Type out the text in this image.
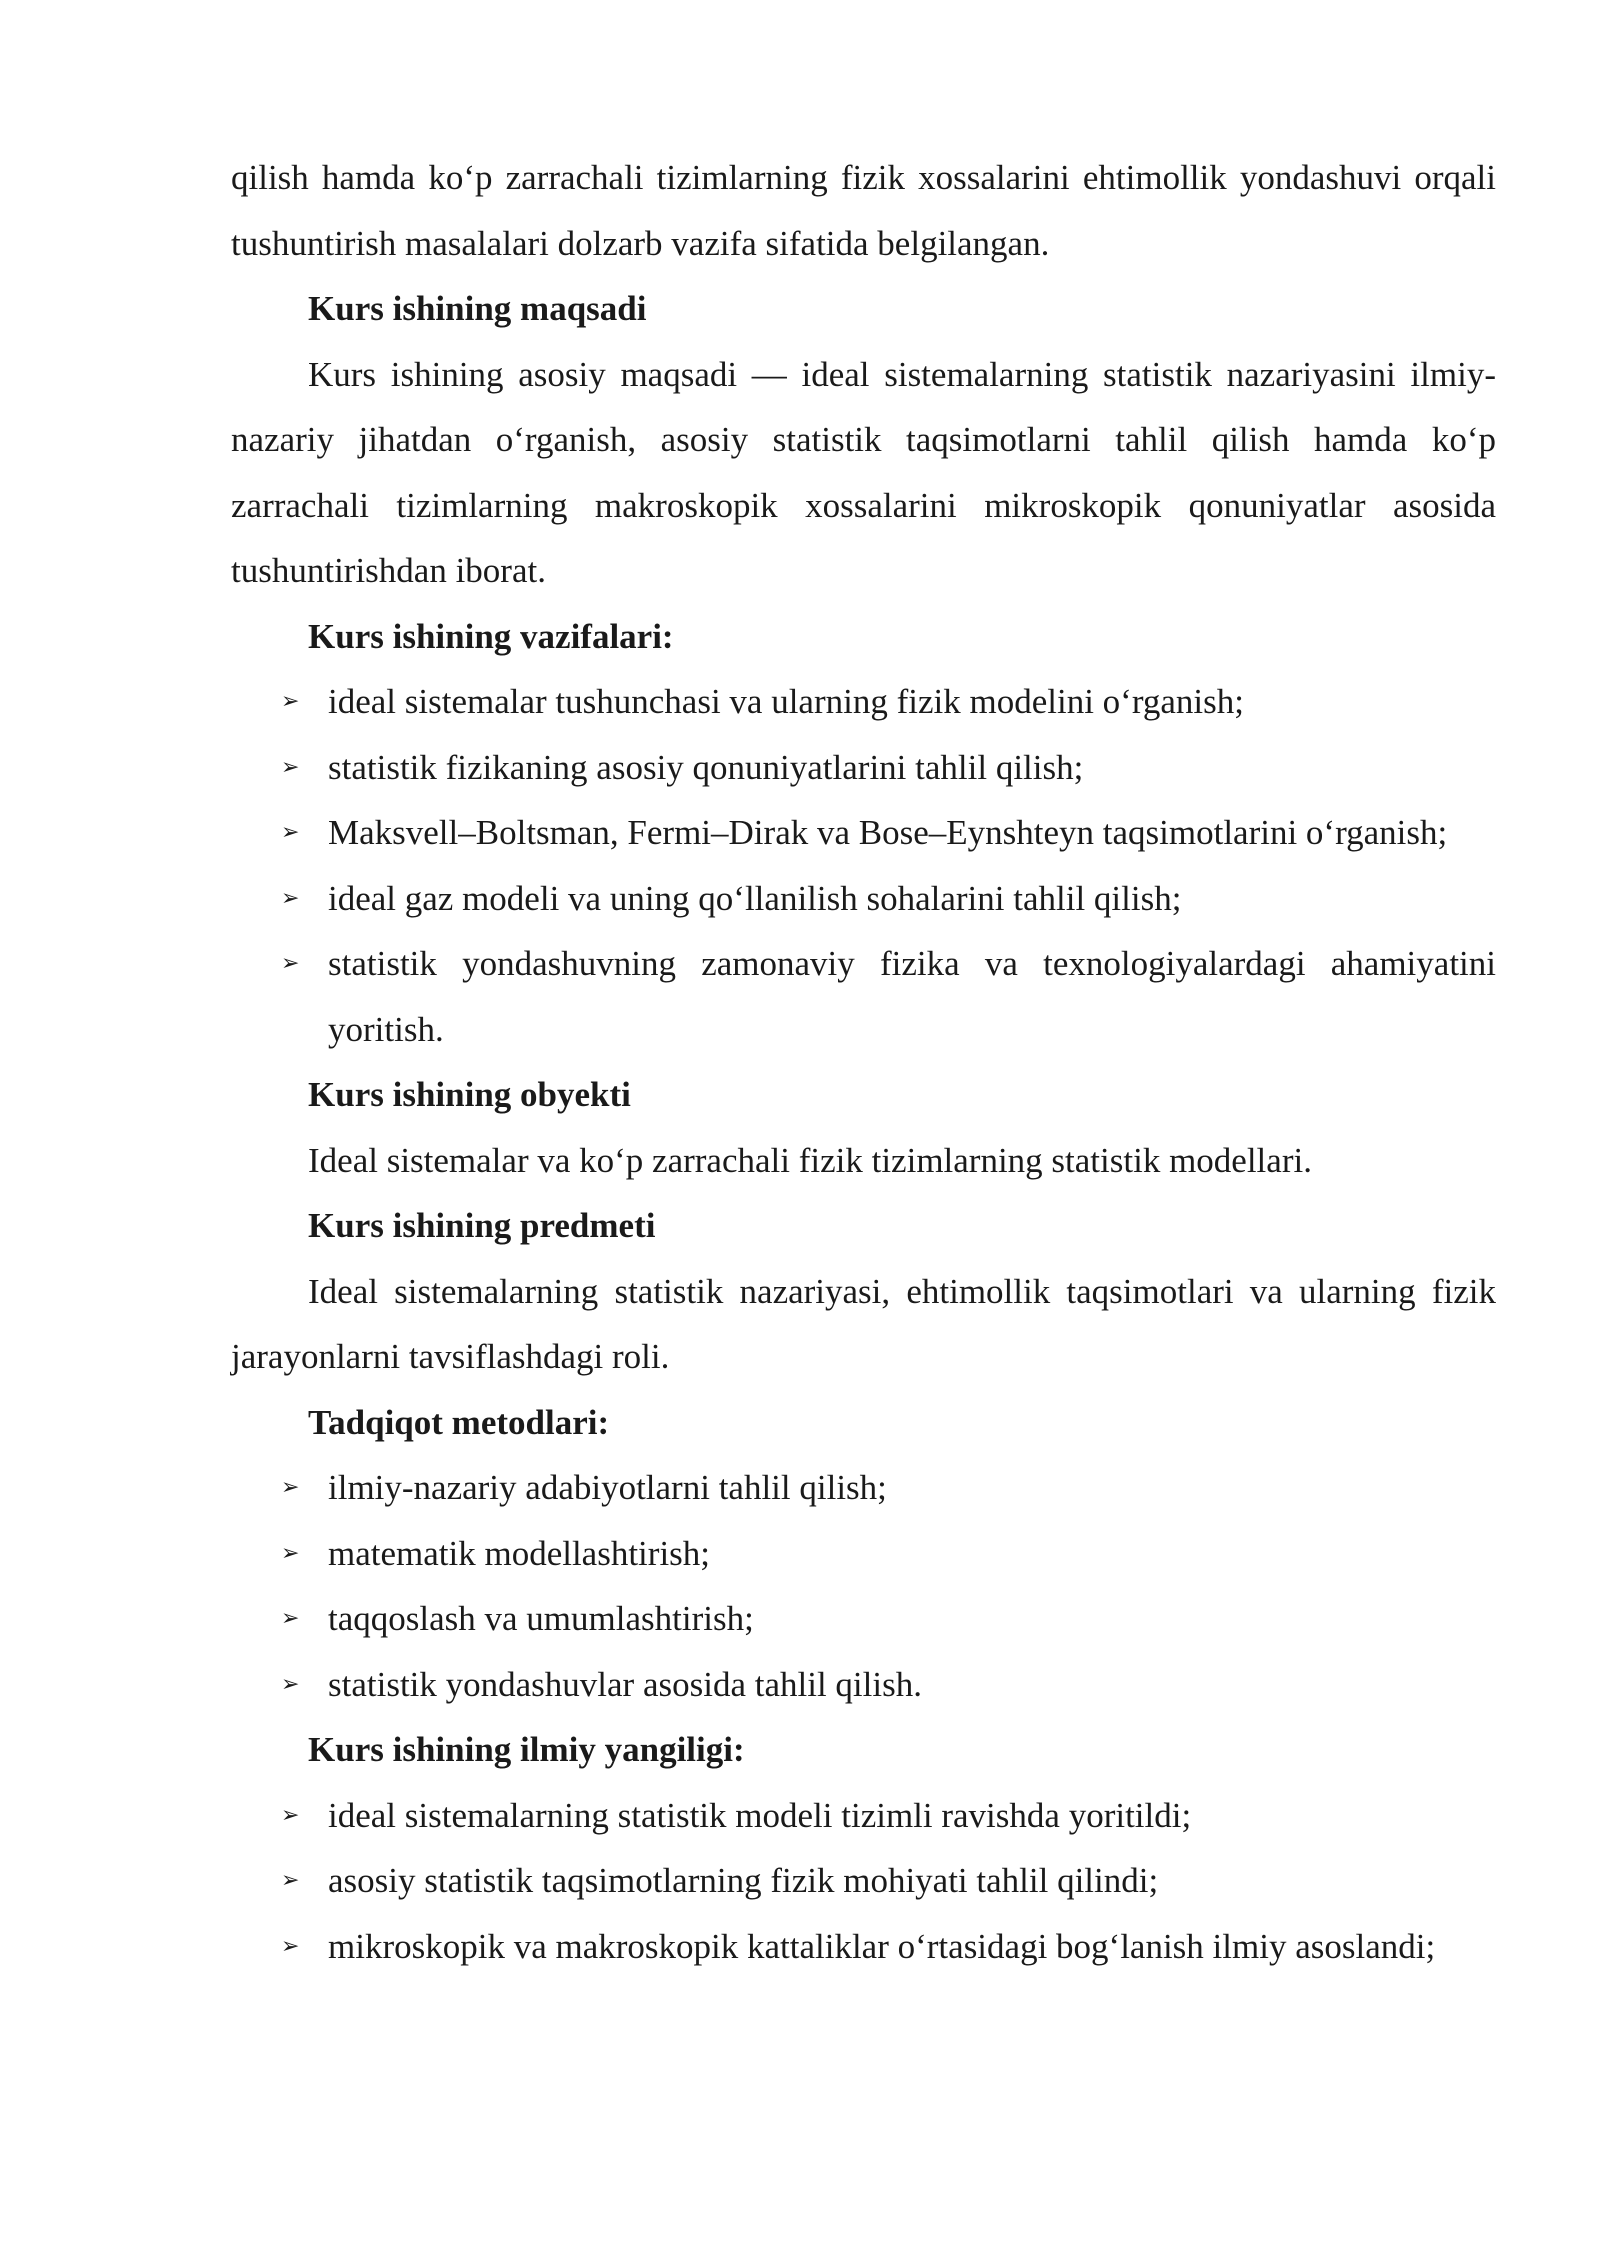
qilish hamda ko‘p zarrachali tizimlarning fizik xossalarini ehtimollik yondashuvi orqali tushuntirish masalalari dolzarb vazifa sifatida belgilangan.

Kurs ishining maqsadi

Kurs ishining asosiy maqsadi — ideal sistemalarning statistik nazariyasini ilmiy-nazariy jihatdan o‘rganish, asosiy statistik taqsimotlarni tahlil qilish hamda ko‘p zarrachali tizimlarning makroskopik xossalarini mikroskopik qonuniyatlar asosida tushuntirishdan iborat.

Kurs ishining vazifalari:

➢ ideal sistemalar tushunchasi va ularning fizik modelini o‘rganish;
➢ statistik fizikaning asosiy qonuniyatlarini tahlil qilish;
➢ Maksvell–Boltsman, Fermi–Dirak va Bose–Eynshteyn taqsimotlarini o‘rganish;
➢ ideal gaz modeli va uning qo‘llanilish sohalarini tahlil qilish;
➢ statistik yondashuvning zamonaviy fizika va texnologiyalardagi ahamiyatini yoritish.

Kurs ishining obyekti

Ideal sistemalar va ko‘p zarrachali fizik tizimlarning statistik modellari.

Kurs ishining predmeti

Ideal sistemalarning statistik nazariyasi, ehtimollik taqsimotlari va ularning fizik jarayonlarni tavsiflashdagi roli.

Tadqiqot metodlari:

➢ ilmiy-nazariy adabiyotlarni tahlil qilish;
➢ matematik modellashtirish;
➢ taqqoslash va umumlashtirish;
➢ statistik yondashuvlar asosida tahlil qilish.

Kurs ishining ilmiy yangiligi:

➢ ideal sistemalarning statistik modeli tizimli ravishda yoritildi;
➢ asosiy statistik taqsimotlarning fizik mohiyati tahlil qilindi;
➢ mikroskopik va makroskopik kattaliklar o‘rtasidagi bog‘lanish ilmiy asoslandi;
